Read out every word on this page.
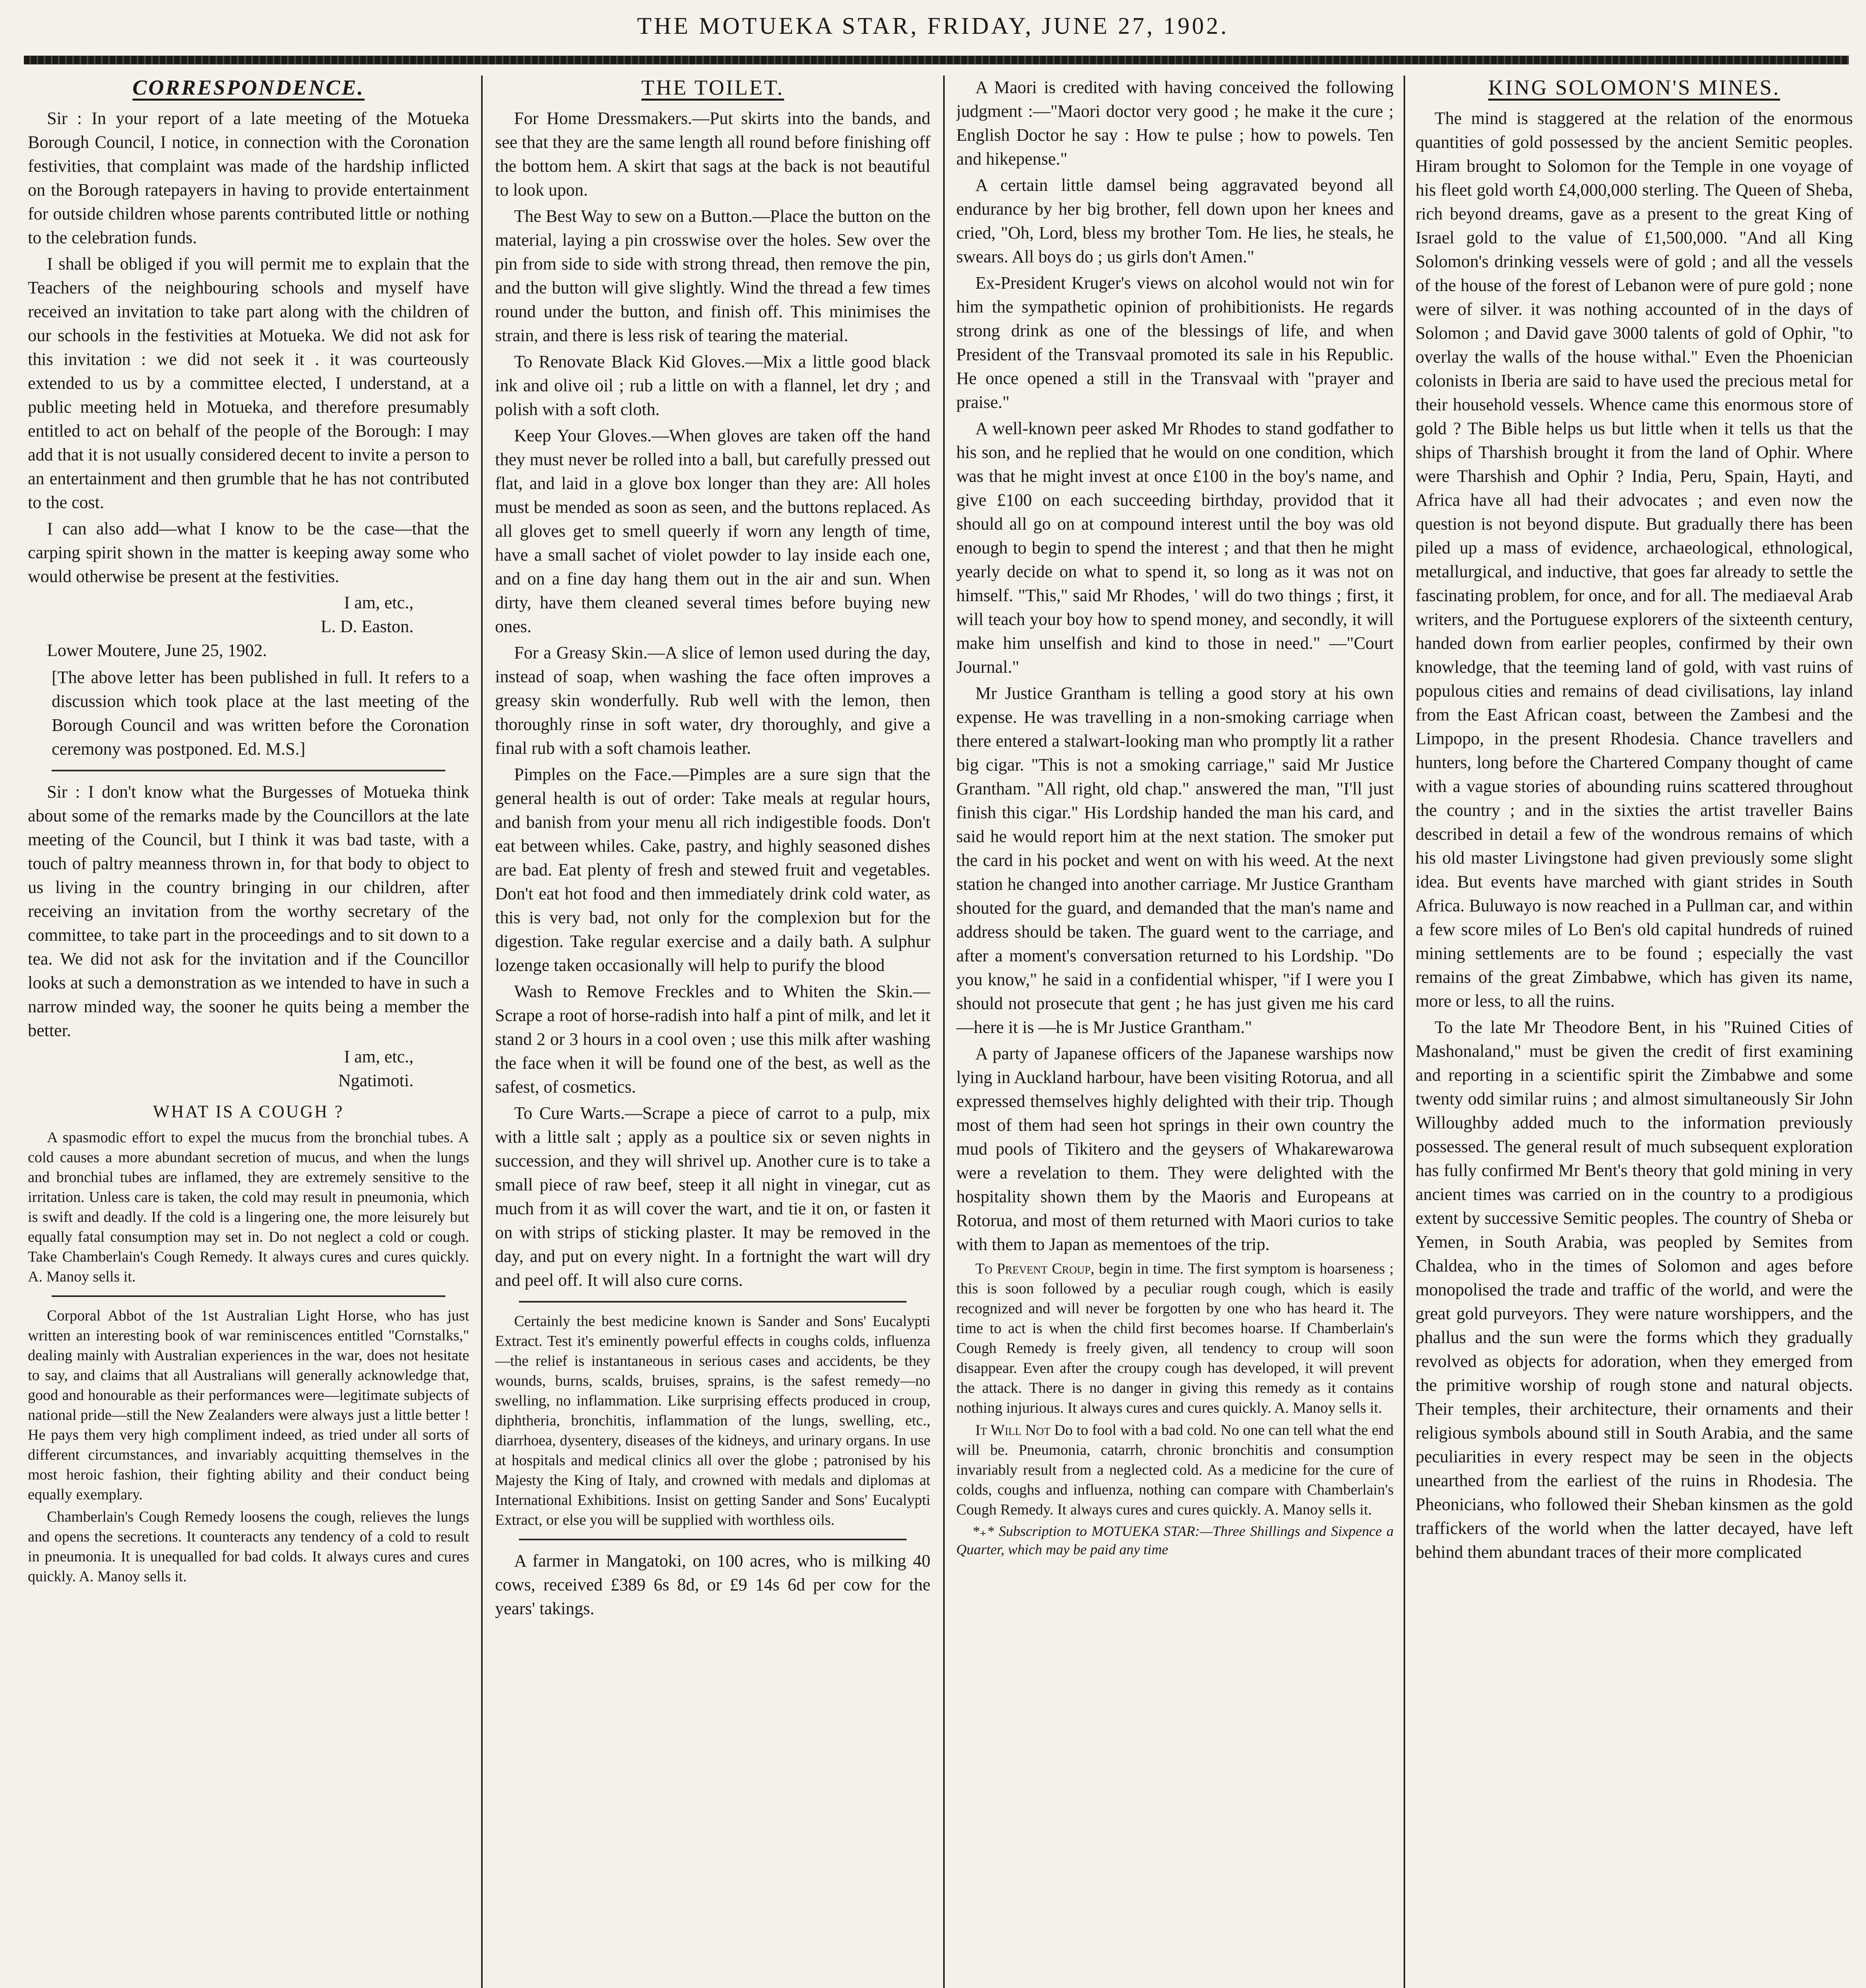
THE MOTUEKA STAR, FRIDAY, JUNE 27, 1902.
CORRESPONDENCE.

Sir : In your report of a late meeting of the Motueka Borough Council, I notice, in connection with the Coronation festivities, that complaint was made of the hardship inflicted on the Borough ratepayers in having to provide entertainment for outside children whose parents contributed little or nothing to the celebration funds.

I shall be obliged if you will permit me to explain that the Teachers of the neighbouring schools and myself have received an invitation to take part along with the children of our schools in the festivities at Motueka. We did not ask for this invitation : we did not seek it . it was courteously extended to us by a committee elected, I understand, at a public meeting held in Motueka, and therefore presumably entitled to act on behalf of the people of the Borough: I may add that it is not usually considered decent to invite a person to an entertainment and then grumble that he has not contributed to the cost.

I can also add—what I know to be the case—that the carping spirit shown in the matter is keeping away some who would otherwise be present at the festivities.

I am, etc.,

L. D. Easton.

Lower Moutere, June 25, 1902.

[The above letter has been published in full. It refers to a discussion which took place at the last meeting of the Borough Council and was written before the Coronation ceremony was postponed. Ed. M.S.]

Sir : I don't know what the Burgesses of Motueka think about some of the remarks made by the Councillors at the late meeting of the Council, but I think it was bad taste, with a touch of paltry meanness thrown in, for that body to object to us living in the country bringing in our children, after receiving an invitation from the worthy secretary of the committee, to take part in the proceedings and to sit down to a tea. We did not ask for the invitation and if the Councillor looks at such a demonstration as we intended to have in such a narrow minded way, the sooner he quits being a member the better.

I am, etc.,

Ngatimoti.

WHAT IS A COUGH ?

A spasmodic effort to expel the mucus from the bronchial tubes. A cold causes a more abundant secretion of mucus, and when the lungs and bronchial tubes are inflamed, they are extremely sensitive to the irritation. Unless care is taken, the cold may result in pneumonia, which is swift and deadly. If the cold is a lingering one, the more leisurely but equally fatal consumption may set in. Do not neglect a cold or cough. Take Chamberlain's Cough Remedy. It always cures and cures quickly. A. Manoy sells it.

Corporal Abbot of the 1st Australian Light Horse, who has just written an interesting book of war reminiscences entitled "Cornstalks," dealing mainly with Australian experiences in the war, does not hesitate to say, and claims that all Australians will generally acknowledge that, good and honourable as their performances were—legitimate subjects of national pride—still the New Zealanders were always just a little better ! He pays them very high compliment indeed, as tried under all sorts of different circumstances, and invariably acquitting themselves in the most heroic fashion, their fighting ability and their conduct being equally exemplary.

Chamberlain's Cough Remedy loosens the cough, relieves the lungs and opens the secretions. It counteracts any tendency of a cold to result in pneumonia. It is unequalled for bad colds. It always cures and cures quickly. A. Manoy sells it.

THE TOILET.

For Home Dressmakers.—Put skirts into the bands, and see that they are the same length all round before finishing off the bottom hem. A skirt that sags at the back is not beautiful to look upon.

The Best Way to sew on a Button.—Place the button on the material, laying a pin crosswise over the holes. Sew over the pin from side to side with strong thread, then remove the pin, and the button will give slightly. Wind the thread a few times round under the button, and finish off. This minimises the strain, and there is less risk of tearing the material.

To Renovate Black Kid Gloves.—Mix a little good black ink and olive oil ; rub a little on with a flannel, let dry ; and polish with a soft cloth.

Keep Your Gloves.—When gloves are taken off the hand they must never be rolled into a ball, but carefully pressed out flat, and laid in a glove box longer than they are: All holes must be mended as soon as seen, and the buttons replaced. As all gloves get to smell queerly if worn any length of time, have a small sachet of violet powder to lay inside each one, and on a fine day hang them out in the air and sun. When dirty, have them cleaned several times before buying new ones.

For a Greasy Skin.—A slice of lemon used during the day, instead of soap, when washing the face often improves a greasy skin wonderfully. Rub well with the lemon, then thoroughly rinse in soft water, dry thoroughly, and give a final rub with a soft chamois leather.

Pimples on the Face.—Pimples are a sure sign that the general health is out of order: Take meals at regular hours, and banish from your menu all rich indigestible foods. Don't eat between whiles. Cake, pastry, and highly seasoned dishes are bad. Eat plenty of fresh and stewed fruit and vegetables. Don't eat hot food and then immediately drink cold water, as this is very bad, not only for the complexion but for the digestion. Take regular exercise and a daily bath. A sulphur lozenge taken occasionally will help to purify the blood

Wash to Remove Freckles and to Whiten the Skin.—Scrape a root of horse-radish into half a pint of milk, and let it stand 2 or 3 hours in a cool oven ; use this milk after washing the face when it will be found one of the best, as well as the safest, of cosmetics.

To Cure Warts.—Scrape a piece of carrot to a pulp, mix with a little salt ; apply as a poultice six or seven nights in succession, and they will shrivel up. Another cure is to take a small piece of raw beef, steep it all night in vinegar, cut as much from it as will cover the wart, and tie it on, or fasten it on with strips of sticking plaster. It may be removed in the day, and put on every night. In a fortnight the wart will dry and peel off. It will also cure corns.

Certainly the best medicine known is Sander and Sons' Eucalypti Extract. Test it's eminently powerful effects in coughs colds, influenza—the relief is instantaneous in serious cases and accidents, be they wounds, burns, scalds, bruises, sprains, is the safest remedy—no swelling, no inflammation. Like surprising effects produced in croup, diphtheria, bronchitis, inflammation of the lungs, swelling, etc., diarrhoea, dysentery, diseases of the kidneys, and urinary organs. In use at hospitals and medical clinics all over the globe ; patronised by his Majesty the King of Italy, and crowned with medals and diplomas at International Exhibitions. Insist on getting Sander and Sons' Eucalypti Extract, or else you will be supplied with worthless oils.

A farmer in Mangatoki, on 100 acres, who is milking 40 cows, received £389 6s 8d, or £9 14s 6d per cow for the years' takings.

A Maori is credited with having conceived the following judgment :—"Maori doctor very good ; he make it the cure ; English Doctor he say : How te pulse ; how to powels. Ten and hikepense."

A certain little damsel being aggravated beyond all endurance by her big brother, fell down upon her knees and cried, "Oh, Lord, bless my brother Tom. He lies, he steals, he swears. All boys do ; us girls don't Amen."

Ex-President Kruger's views on alcohol would not win for him the sympathetic opinion of prohibitionists. He regards strong drink as one of the blessings of life, and when President of the Transvaal promoted its sale in his Republic. He once opened a still in the Transvaal with "prayer and praise."

A well-known peer asked Mr Rhodes to stand godfather to his son, and he replied that he would on one condition, which was that he might invest at once £100 in the boy's name, and give £100 on each succeeding birthday, providod that it should all go on at compound interest until the boy was old enough to begin to spend the interest ; and that then he might yearly decide on what to spend it, so long as it was not on himself. "This," said Mr Rhodes, ' will do two things ; first, it will teach your boy how to spend money, and secondly, it will make him unselfish and kind to those in need." —"Court Journal."

Mr Justice Grantham is telling a good story at his own expense. He was travelling in a non-smoking carriage when there entered a stalwart-looking man who promptly lit a rather big cigar. "This is not a smoking carriage," said Mr Justice Grantham. "All right, old chap." answered the man, "I'll just finish this cigar." His Lordship handed the man his card, and said he would report him at the next station. The smoker put the card in his pocket and went on with his weed. At the next station he changed into another carriage. Mr Justice Grantham shouted for the guard, and demanded that the man's name and address should be taken. The guard went to the carriage, and after a moment's conversation returned to his Lordship. "Do you know," he said in a confidential whisper, "if I were you I should not prosecute that gent ; he has just given me his card—here it is —he is Mr Justice Grantham."

A party of Japanese officers of the Japanese warships now lying in Auckland harbour, have been visiting Rotorua, and all expressed themselves highly delighted with their trip. Though most of them had seen hot springs in their own country the mud pools of Tikitero and the geysers of Whakarewarowa were a revelation to them. They were delighted with the hospitality shown them by the Maoris and Europeans at Rotorua, and most of them returned with Maori curios to take with them to Japan as mementoes of the trip.

To Prevent Croup, begin in time. The first symptom is hoarseness ; this is soon followed by a peculiar rough cough, which is easily recognized and will never be forgotten by one who has heard it. The time to act is when the child first becomes hoarse. If Chamberlain's Cough Remedy is freely given, all tendency to croup will soon disappear. Even after the croupy cough has developed, it will prevent the attack. There is no danger in giving this remedy as it contains nothing injurious. It always cures and cures quickly. A. Manoy sells it.

It Will Not Do to fool with a bad cold. No one can tell what the end will be. Pneumonia, catarrh, chronic bronchitis and consumption invariably result from a neglected cold. As a medicine for the cure of colds, coughs and influenza, nothing can compare with Chamberlain's Cough Remedy. It always cures and cures quickly. A. Manoy sells it.

*₊* Subscription to MOTUEKA STAR:—Three Shillings and Sixpence a Quarter, which may be paid any time

KING SOLOMON'S MINES.

The mind is staggered at the relation of the enormous quantities of gold possessed by the ancient Semitic peoples. Hiram brought to Solomon for the Temple in one voyage of his fleet gold worth £4,000,000 sterling. The Queen of Sheba, rich beyond dreams, gave as a present to the great King of Israel gold to the value of £1,500,000. "And all King Solomon's drinking vessels were of gold ; and all the vessels of the house of the forest of Lebanon were of pure gold ; none were of silver. it was nothing accounted of in the days of Solomon ; and David gave 3000 talents of gold of Ophir, "to overlay the walls of the house withal." Even the Phoenician colonists in Iberia are said to have used the precious metal for their household vessels. Whence came this enormous store of gold ? The Bible helps us but little when it tells us that the ships of Tharshish brought it from the land of Ophir. Where were Tharshish and Ophir ? India, Peru, Spain, Hayti, and Africa have all had their advocates ; and even now the question is not beyond dispute. But gradually there has been piled up a mass of evidence, archaeological, ethnological, metallurgical, and inductive, that goes far already to settle the fascinating problem, for once, and for all. The mediaeval Arab writers, and the Portuguese explorers of the sixteenth century, handed down from earlier peoples, confirmed by their own knowledge, that the teeming land of gold, with vast ruins of populous cities and remains of dead civilisations, lay inland from the East African coast, between the Zambesi and the Limpopo, in the present Rhodesia. Chance travellers and hunters, long before the Chartered Company thought of came with a vague stories of abounding ruins scattered throughout the country ; and in the sixties the artist traveller Bains described in detail a few of the wondrous remains of which his old master Livingstone had given previously some slight idea. But events have marched with giant strides in South Africa. Buluwayo is now reached in a Pullman car, and within a few score miles of Lo Ben's old capital hundreds of ruined mining settlements are to be found ; especially the vast remains of the great Zimbabwe, which has given its name, more or less, to all the ruins.

To the late Mr Theodore Bent, in his "Ruined Cities of Mashonaland," must be given the credit of first examining and reporting in a scientific spirit the Zimbabwe and some twenty odd similar ruins ; and almost simultaneously Sir John Willoughby added much to the information previously possessed. The general result of much subsequent exploration has fully confirmed Mr Bent's theory that gold mining in very ancient times was carried on in the country to a prodigious extent by successive Semitic peoples. The country of Sheba or Yemen, in South Arabia, was peopled by Semites from Chaldea, who in the times of Solomon and ages before monopolised the trade and traffic of the world, and were the great gold purveyors. They were nature worshippers, and the phallus and the sun were the forms which they gradually revolved as objects for adoration, when they emerged from the primitive worship of rough stone and natural objects. Their temples, their architecture, their ornaments and their religious symbols abound still in South Arabia, and the same peculiarities in every respect may be seen in the objects unearthed from the earliest of the ruins in Rhodesia. The Pheonicians, who followed their Sheban kinsmen as the gold traffickers of the world when the latter decayed, have left behind them abundant traces of their more complicated
